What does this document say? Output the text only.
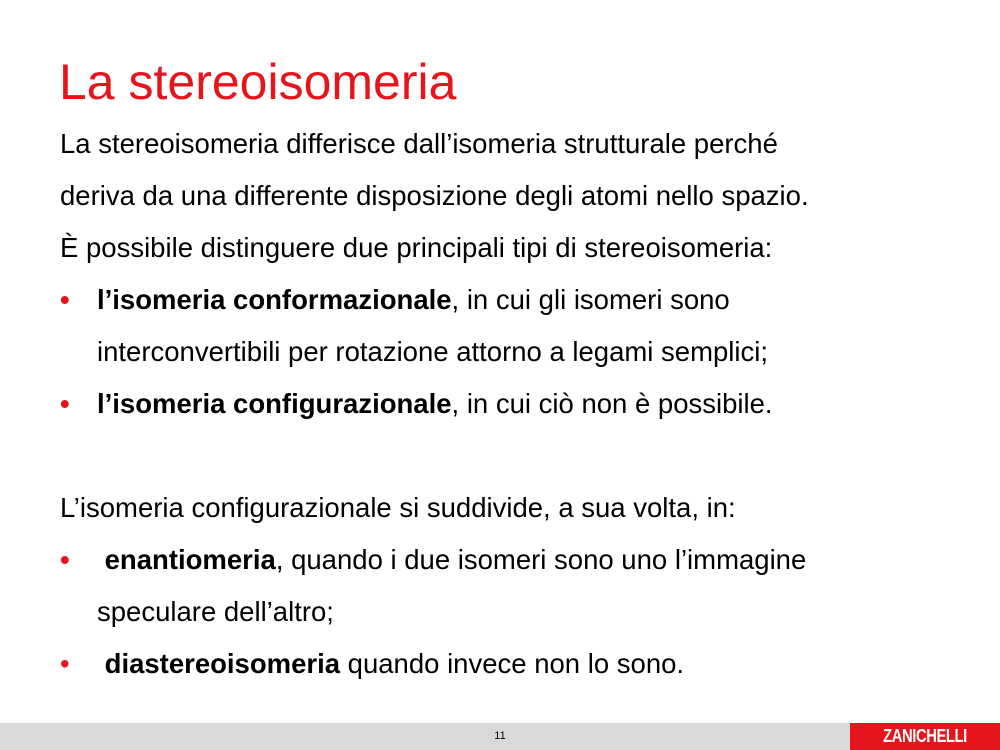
La stereoisomeria
La stereoisomeria differisce dall’isomeria strutturale perché
deriva da una differente disposizione degli atomi nello spazio.
È possibile distinguere due principali tipi di stereoisomeria:
• l’isomeria conformazionale, in cui gli isomeri sono
interconvertibili per rotazione attorno a legami semplici;
• l’isomeria configurazionale, in cui ciò non è possibile.
L’isomeria configurazionale si suddivide, a sua volta, in:
• enantiomeria, quando i due isomeri sono uno l’immagine
speculare dell’altro;
• diastereoisomeria quando invece non lo sono.
11	ZANICHELLI
